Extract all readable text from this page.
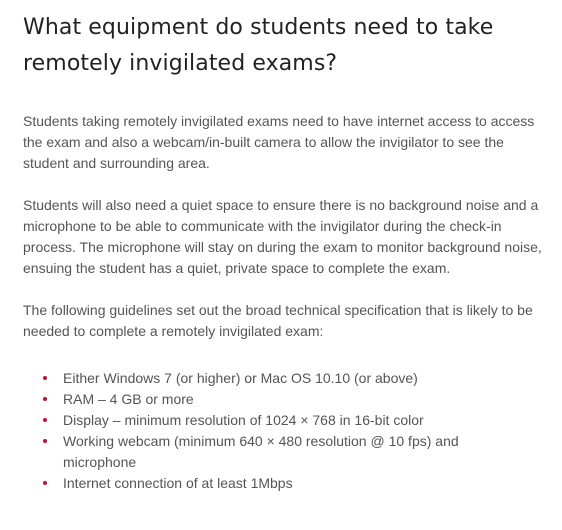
What equipment do students need to take remotely invigilated exams?

Students taking remotely invigilated exams need to have internet access to access the exam and also a webcam/in-built camera to allow the invigilator to see the student and surrounding area.

Students will also need a quiet space to ensure there is no background noise and a microphone to be able to communicate with the invigilator during the check-in process. The microphone will stay on during the exam to monitor background noise, ensuing the student has a quiet, private space to complete the exam.

The following guidelines set out the broad technical specification that is likely to be needed to complete a remotely invigilated exam:

Either Windows 7 (or higher) or Mac OS 10.10 (or above)
RAM – 4 GB or more
Display – minimum resolution of 1024 × 768 in 16-bit color
Working webcam (minimum 640 × 480 resolution @ 10 fps) and microphone
Internet connection of at least 1Mbps
